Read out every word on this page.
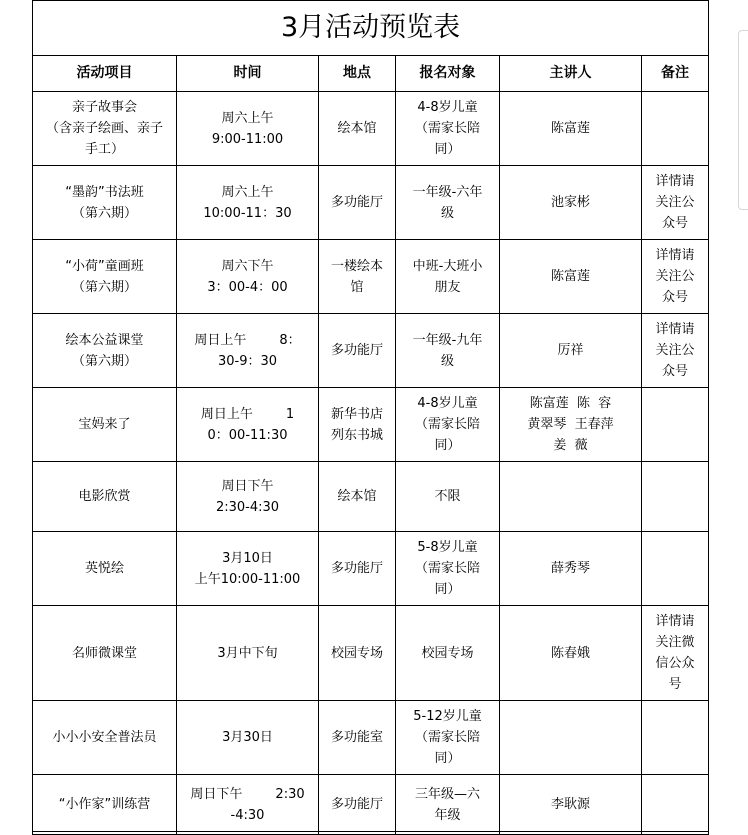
3月活动预览表					
活动项目	时间	地点	报名对象	主讲人	备注

亲子故事会
（含亲子绘画、亲子
手工）	周六上午
9:00-11:00	绘本馆	4-8岁儿童
（需家长陪
同）	陈富莲	

“墨韵”书法班
（第六期）	周六上午
10:00-11：30	多功能厅	一年级-六年
级	池家彬	详情请
关注公
众号

“小荷”童画班
（第六期）	周六下午
3：00-4：00	一楼绘本
馆	中班-大班小
朋友	陈富莲	详情请
关注公
众号

绘本公益课堂
（第六期）	周日上午        8：
30-9：30	多功能厅	一年级-九年
级	厉祥	详情请
关注公
众号

宝妈来了	周日上午        1
0：00-11:30	新华书店
列东书城	4-8岁儿童
（需家长陪
同）	陈富莲  陈  容
黄翠琴  王春萍
姜  薇	

电影欣赏	周日下午
2:30-4:30	绘本馆	不限		

英悦绘	3月10日
上午10:00-11:00	多功能厅	5-8岁儿童
（需家长陪
同）	薛秀琴	

名师微课堂	3月中下旬	校园专场	校园专场	陈春娥	详情请
关注微
信公众
号

小小小安全普法员	3月30日	多功能室	5-12岁儿童
（需家长陪
同）		

“小作家”训练营	周日下午        2:30
-4:30	多功能厅	三年级—六
年级	李耿源	
